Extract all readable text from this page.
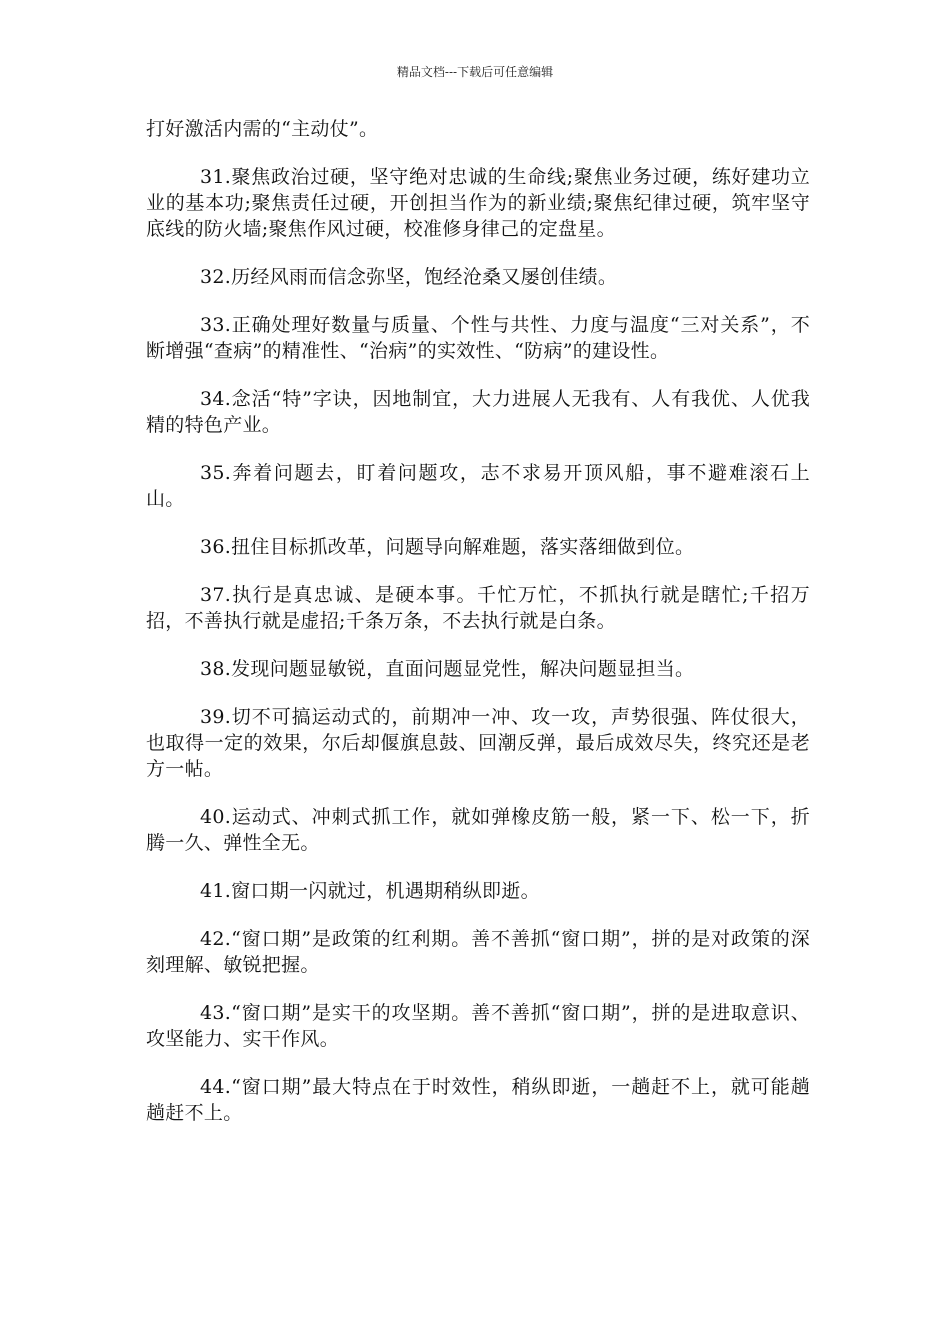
精品文档---下载后可任意编辑

打好激活内需的“主动仗”。

31.聚焦政治过硬，坚守绝对忠诚的生命线;聚焦业务过硬，练好建功立业的基本功;聚焦责任过硬，开创担当作为的新业绩;聚焦纪律过硬，筑牢坚守底线的防火墙;聚焦作风过硬，校准修身律己的定盘星。

32.历经风雨而信念弥坚，饱经沧桑又屡创佳绩。

33.正确处理好数量与质量、个性与共性、力度与温度“三对关系”，不断增强“查病”的精准性、“治病”的实效性、“防病”的建设性。

34.念活“特”字诀，因地制宜，大力进展人无我有、人有我优、人优我精的特色产业。

35.奔着问题去，盯着问题攻，志不求易开顶风船，事不避难滚石上山。

36.扭住目标抓改革，问题导向解难题，落实落细做到位。

37.执行是真忠诚、是硬本事。千忙万忙，不抓执行就是瞎忙;千招万招，不善执行就是虚招;千条万条，不去执行就是白条。

38.发现问题显敏锐，直面问题显党性，解决问题显担当。

39.切不可搞运动式的，前期冲一冲、攻一攻，声势很强、阵仗很大，也取得一定的效果，尔后却偃旗息鼓、回潮反弹，最后成效尽失，终究还是老方一帖。

40.运动式、冲刺式抓工作，就如弹橡皮筋一般，紧一下、松一下，折腾一久、弹性全无。

41.窗口期一闪就过，机遇期稍纵即逝。

42.“窗口期”是政策的红利期。善不善抓“窗口期”，拼的是对政策的深刻理解、敏锐把握。

43.“窗口期”是实干的攻坚期。善不善抓“窗口期”，拼的是进取意识、攻坚能力、实干作风。

44.“窗口期”最大特点在于时效性，稍纵即逝，一趟赶不上，就可能趟趟赶不上。
